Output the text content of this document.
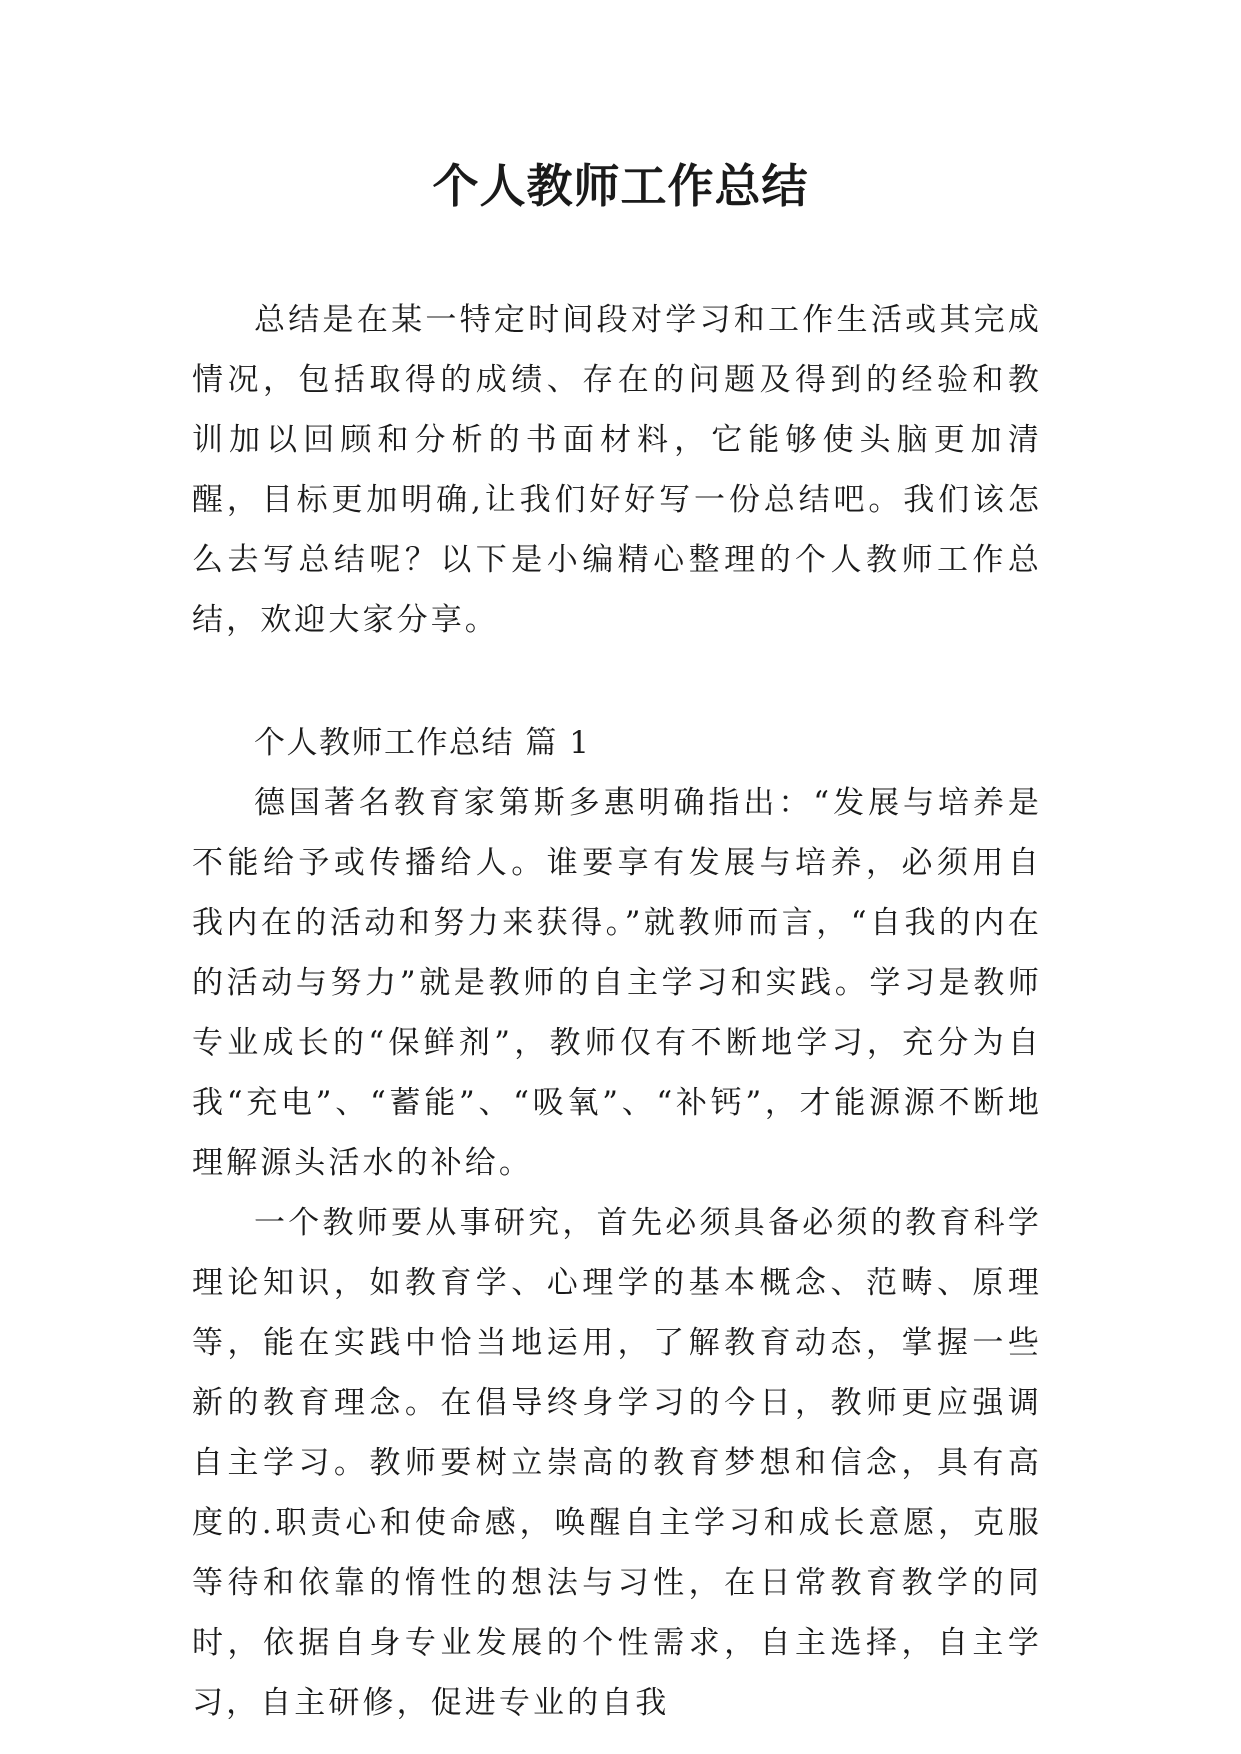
个人教师工作总结

总结是在某一特定时间段对学习和工作生活或其完成情况，包括取得的成绩、存在的问题及得到的经验和教训加以回顾和分析的书面材料，它能够使头脑更加清醒，目标更加明确,让我们好好写一份总结吧。我们该怎么去写总结呢？以下是小编精心整理的个人教师工作总结，欢迎大家分享。

个人教师工作总结 篇 1

德国著名教育家第斯多惠明确指出：“发展与培养是不能给予或传播给人。谁要享有发展与培养，必须用自我内在的活动和努力来获得。”就教师而言，“自我的内在的活动与努力”就是教师的自主学习和实践。学习是教师专业成长的“保鲜剂”，教师仅有不断地学习，充分为自我“充电”、“蓄能”、“吸氧”、“补钙”，才能源源不断地理解源头活水的补给。

一个教师要从事研究，首先必须具备必须的教育科学理论知识，如教育学、心理学的基本概念、范畴、原理等，能在实践中恰当地运用，了解教育动态，掌握一些新的教育理念。在倡导终身学习的今日，教师更应强调自主学习。教师要树立崇高的教育梦想和信念，具有高度的.职责心和使命感，唤醒自主学习和成长意愿，克服等待和依靠的惰性的想法与习性，在日常教育教学的同时，依据自身专业发展的个性需求，自主选择，自主学习，自主研修，促进专业的自我
